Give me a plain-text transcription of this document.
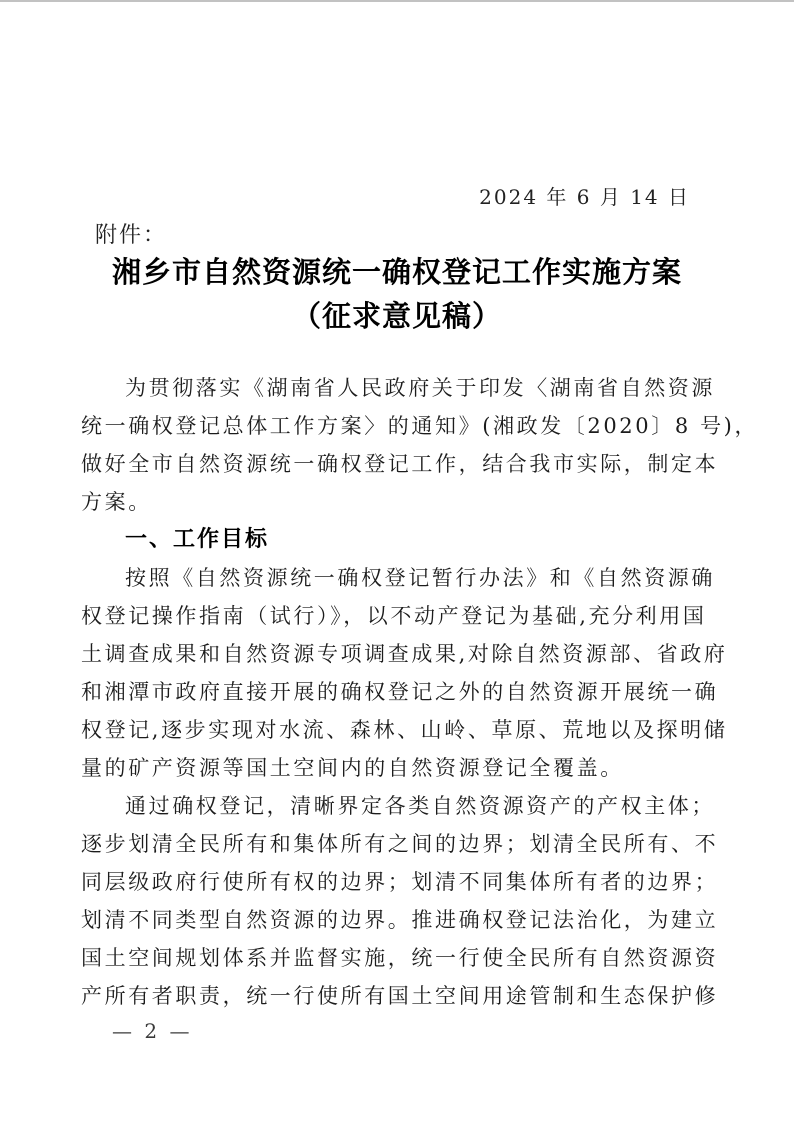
2024 年 6 月 14 日
附件：
湘乡市自然资源统一确权登记工作实施方案
（征求意见稿）
为贯彻落实《湖南省人民政府关于印发〈湖南省自然资源
统一确权登记总体工作方案〉的通知》(湘政发〔2020〕8 号)，
做好全市自然资源统一确权登记工作，结合我市实际，制定本
方案。
一、工作目标
按照《自然资源统一确权登记暂行办法》和《自然资源确
权登记操作指南（试行）》，以不动产登记为基础,充分利用国
土调查成果和自然资源专项调查成果,对除自然资源部、省政府
和湘潭市政府直接开展的确权登记之外的自然资源开展统一确
权登记,逐步实现对水流、森林、山岭、草原、荒地以及探明储
量的矿产资源等国土空间内的自然资源登记全覆盖。
通过确权登记，清晰界定各类自然资源资产的产权主体；
逐步划清全民所有和集体所有之间的边界；划清全民所有、不
同层级政府行使所有权的边界；划清不同集体所有者的边界；
划清不同类型自然资源的边界。推进确权登记法治化，为建立
国土空间规划体系并监督实施，统一行使全民所有自然资源资
产所有者职责，统一行使所有国土空间用途管制和生态保护修
— 2 —
